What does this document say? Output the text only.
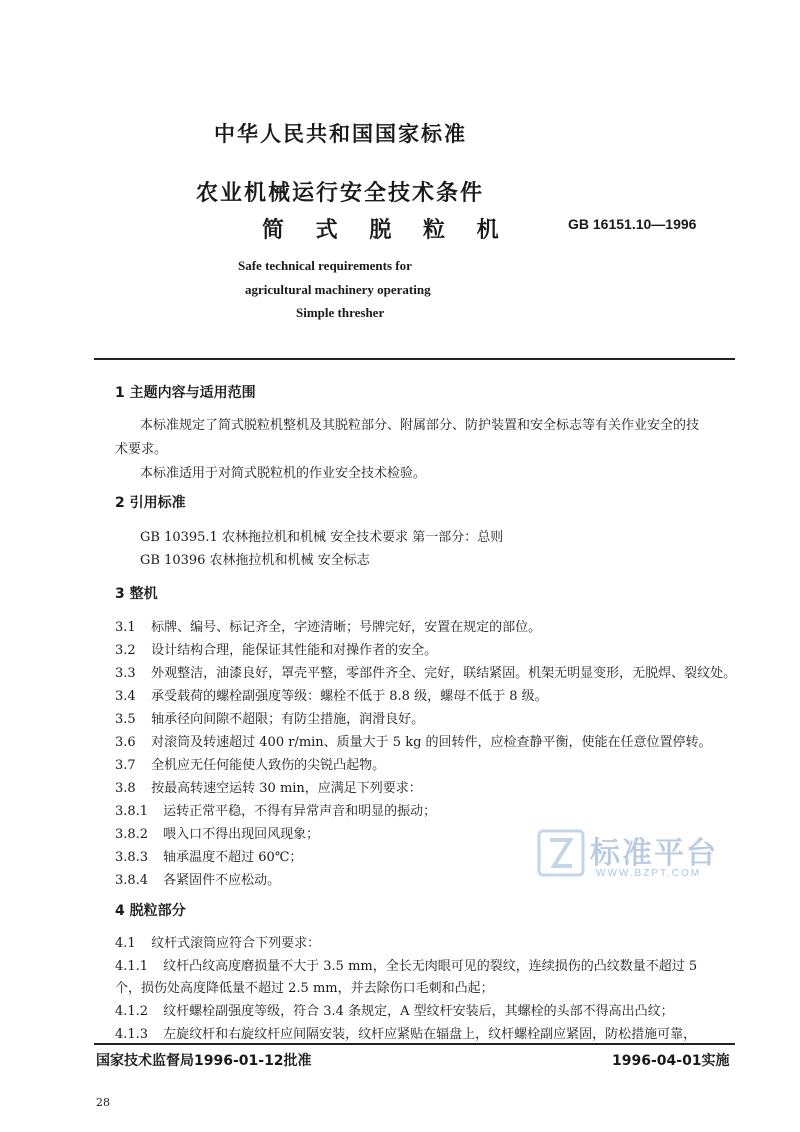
中华人民共和国国家标准
农业机械运行安全技术条件
简 式 脱 粒 机	GB 16151.10—1996
Safe technical requirements for
agricultural machinery operating
Simple thresher
1 主题内容与适用范围
本标准规定了简式脱粒机整机及其脱粒部分、附属部分、防护装置和安全标志等有关作业安全的技
术要求。
本标准适用于对简式脱粒机的作业安全技术检验。
2 引用标准
GB 10395.1 农林拖拉机和机械 安全技术要求 第一部分：总则
GB 10396 农林拖拉机和机械 安全标志
3 整机
3.1 标牌、编号、标记齐全，字迹清晰；号牌完好，安置在规定的部位。
3.2 设计结构合理，能保证其性能和对操作者的安全。
3.3 外观整洁，油漆良好，罩壳平整，零部件齐全、完好，联结紧固。机架无明显变形，无脱焊、裂纹处。
3.4 承受载荷的螺栓副强度等级：螺栓不低于 8.8 级，螺母不低于 8 级。
3.5 轴承径向间隙不超限；有防尘措施，润滑良好。
3.6 对滚筒及转速超过 400 r/min、质量大于 5 kg 的回转件，应检查静平衡，使能在任意位置停转。
3.7 全机应无任何能使人致伤的尖锐凸起物。
3.8 按最高转速空运转 30 min，应满足下列要求：
3.8.1 运转正常平稳，不得有异常声音和明显的振动；
3.8.2 喂入口不得出现回风现象；
3.8.3 轴承温度不超过 60℃；
3.8.4 各紧固件不应松动。
标准平台
WWW.BZPT.COM
4 脱粒部分
4.1 纹杆式滚筒应符合下列要求：
4.1.1 纹杆凸纹高度磨损量不大于 3.5 mm，全长无肉眼可见的裂纹，连续损伤的凸纹数量不超过 5
个，损伤处高度降低量不超过 2.5 mm，并去除伤口毛刺和凸起；
4.1.2 纹杆螺栓副强度等级，符合 3.4 条规定，A 型纹杆安装后，其螺栓的头部不得高出凸纹；
4.1.3 左旋纹杆和右旋纹杆应间隔安装，纹杆应紧贴在辐盘上，纹杆螺栓副应紧固，防松措施可靠，
国家技术监督局1996-01-12批准	1996-04-01实施
28
